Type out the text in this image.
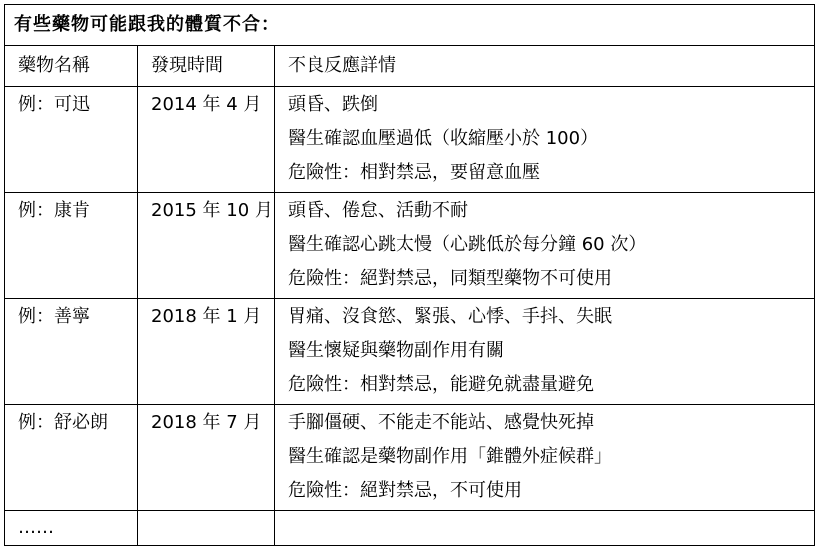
有些藥物可能跟我的體質不合：		
藥物名稱	發現時間	不良反應詳情
例：可迅	2014 年 4 月	頭昏、跌倒
醫生確認血壓過低（收縮壓小於 100）
危險性：相對禁忌，要留意血壓

例：康肯	2015 年 10 月	頭昏、倦怠、活動不耐
醫生確認心跳太慢（心跳低於每分鐘 60 次）
危險性：絕對禁忌，同類型藥物不可使用

例：善寧	2018 年 1 月	胃痛、沒食慾、緊張、心悸、手抖、失眠
醫生懷疑與藥物副作用有關
危險性：相對禁忌，能避免就盡量避免

例：舒必朗	2018 年 7 月	手腳僵硬、不能走不能站、感覺快死掉
醫生確認是藥物副作用「錐體外症候群」
危險性：絕對禁忌，不可使用

……		
